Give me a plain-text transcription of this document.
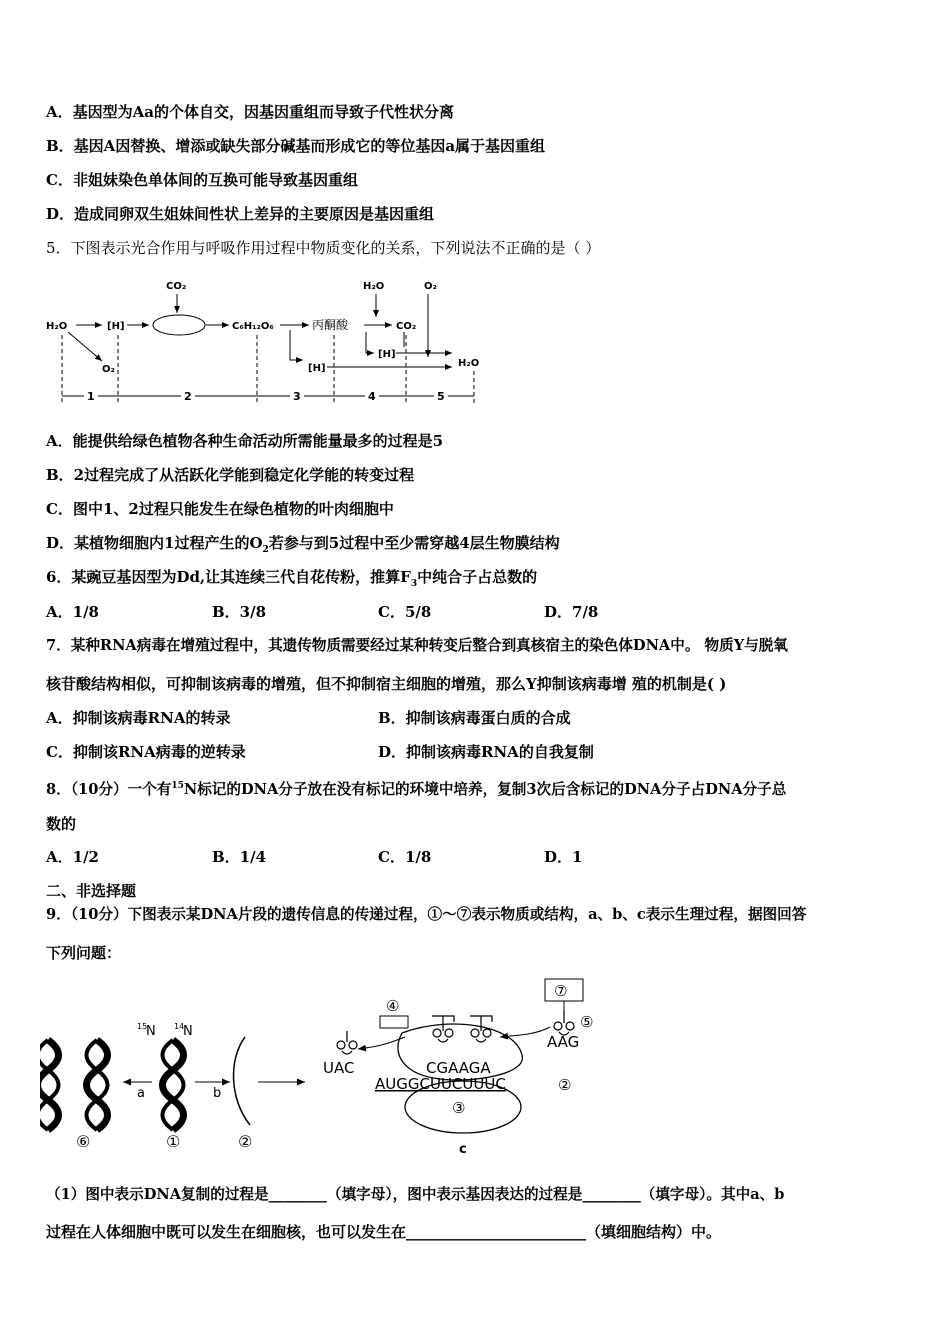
A．基因型为Aa的个体自交，因基因重组而导致子代性状分离
B．基因A因替换、增添或缺失部分碱基而形成它的等位基因a属于基因重组
C．非姐妹染色单体间的互换可能导致基因重组
D．造成同卵双生姐妹间性状上差异的主要原因是基因重组
5．下图表示光合作用与呼吸作用过程中物质变化的关系，下列说法不正确的是（ ）
H₂O	[H]
O₂
CO₂
C₆H₁₂O₆
[H]
丙酮酸
H₂O
CO₂
[H]
O₂
H₂O
1	2	3	4	5
A．能提供给绿色植物各种生命活动所需能量最多的过程是5
B．2过程完成了从活跃化学能到稳定化学能的转变过程
C．图中1、2过程只能发生在绿色植物的叶肉细胞中
D．某植物细胞内1过程产生的$O_2$若参与到5过程中至少需穿越4层生物膜结构
6．某豌豆基因型为Dd,让其连续三代自花传粉，推算$F_3$中纯合子占总数的
A．1/8	B．3/8	C．5/8	D．7/8
7．某种RNA病毒在增殖过程中，其遗传物质需要经过某种转变后整合到真核宿主的染色体DNA中。 物质Y与脱氧
核苷酸结构相似，可抑制该病毒的增殖，但不抑制宿主细胞的增殖，那么Y抑制该病毒增 殖的机制是( )
A．抑制该病毒RNA的转录	B．抑制该病毒蛋白质的合成
C．抑制该RNA病毒的逆转录	D．抑制该病毒RNA的自我复制
8．（10分）一个有$^{15}$N标记的DNA分子放在没有标记的环境中培养，复制3次后含标记的DNA分子占DNA分子总
数的
A．1/2	B．1/4	C．1/8	D．1
二、非选择题
9．（10分）下图表示某DNA片段的遗传信息的传递过程，①～⑦表示物质或结构，a、b、c表示生理过程，据图回答
下列问题：
15
N 14
N
a	b
⑥	①	②
④
⑦
UAC
AAG
⑤
CGAAGA
AUGGCUUCUUUC	②
③
c
（1）图中表示DNA复制的过程是________（填字母），图中表示基因表达的过程是________（填字母）。其中a、b
过程在人体细胞中既可以发生在细胞核，也可以发生在________________________（填细胞结构）中。
